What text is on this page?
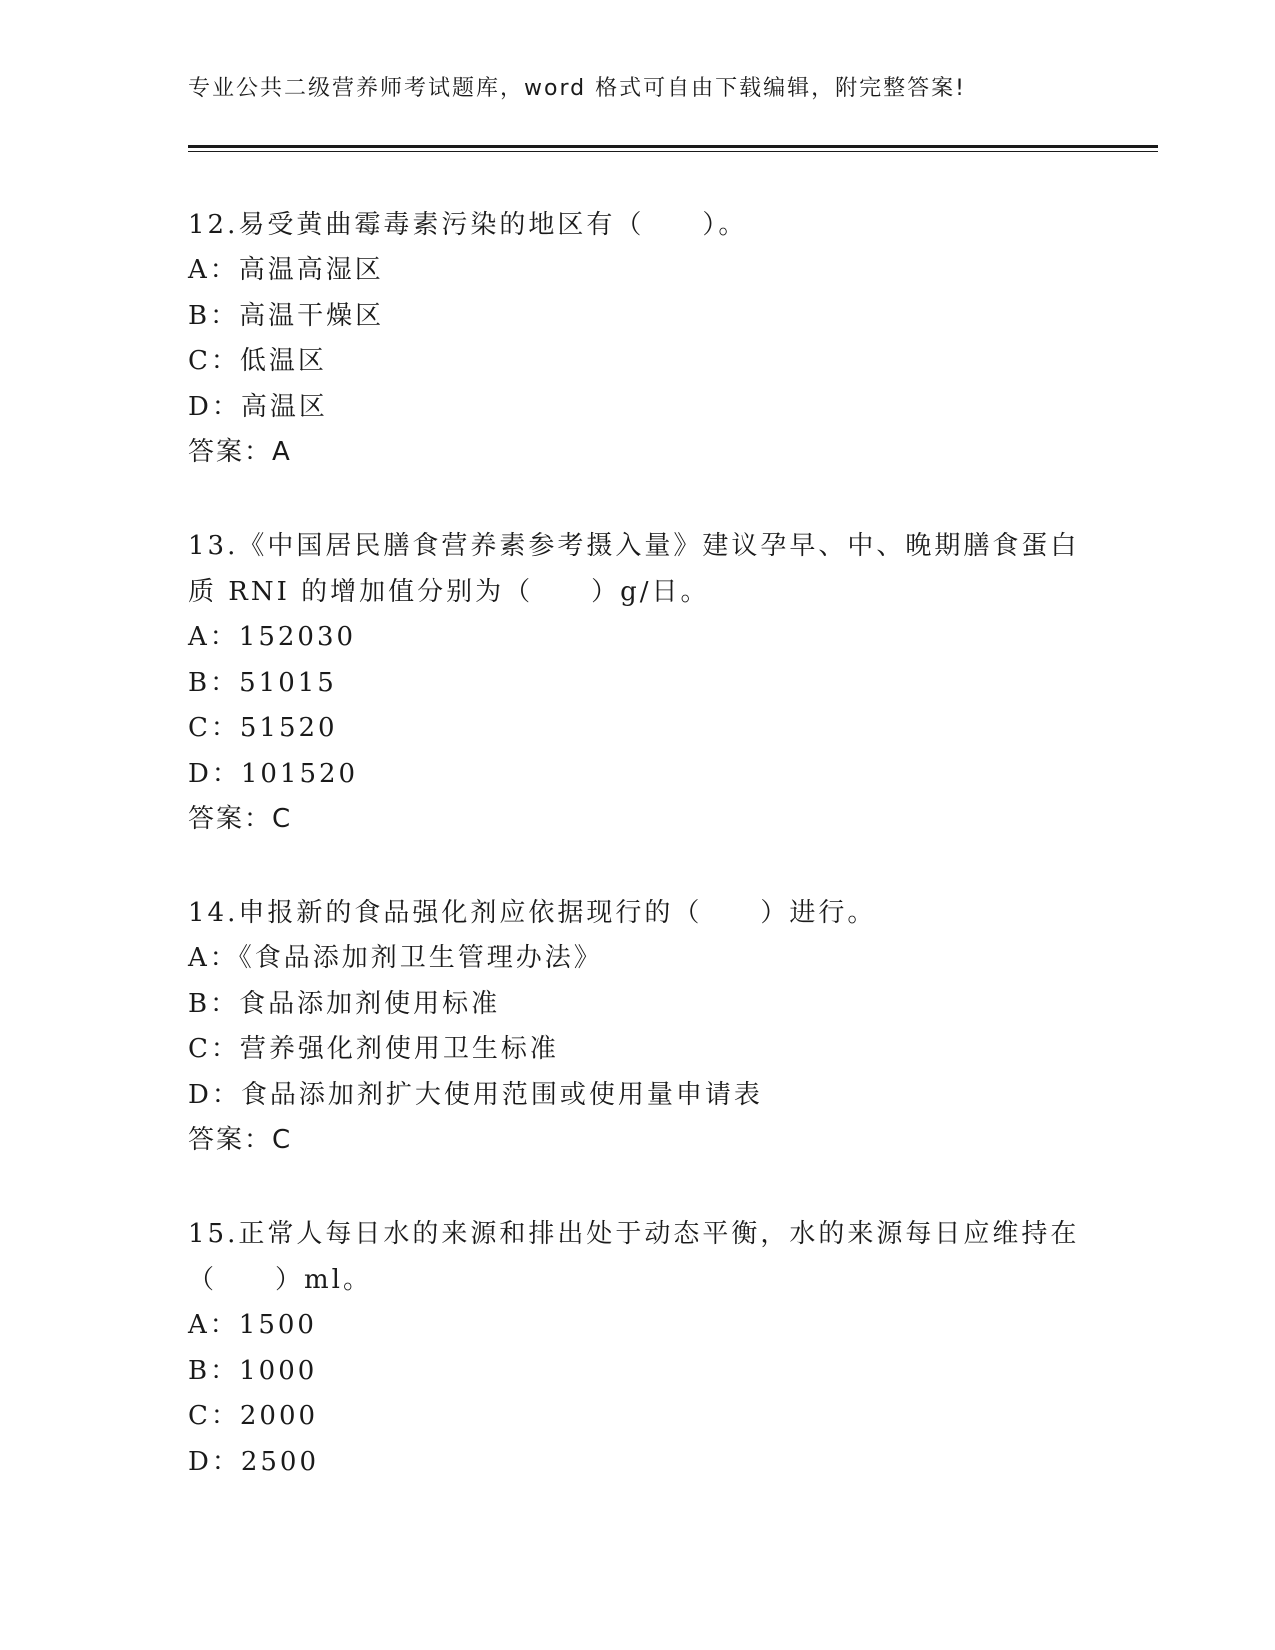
专业公共二级营养师考试题库，word 格式可自由下载编辑，附完整答案!
12.易受黄曲霉毒素污染的地区有（　　）。
A：高温高湿区
B：高温干燥区
C：低温区
D：高温区
答案：A
13.《中国居民膳食营养素参考摄入量》建议孕早、中、晚期膳食蛋白
质 RNI 的增加值分别为（　　）g/日。
A：152030
B：51015
C：51520
D：101520
答案：C
14.申报新的食品强化剂应依据现行的（　　）进行。
A：《食品添加剂卫生管理办法》
B：食品添加剂使用标准
C：营养强化剂使用卫生标准
D：食品添加剂扩大使用范围或使用量申请表
答案：C
15.正常人每日水的来源和排出处于动态平衡，水的来源每日应维持在
（　　）ml。
A：1500
B：1000
C：2000
D：2500
